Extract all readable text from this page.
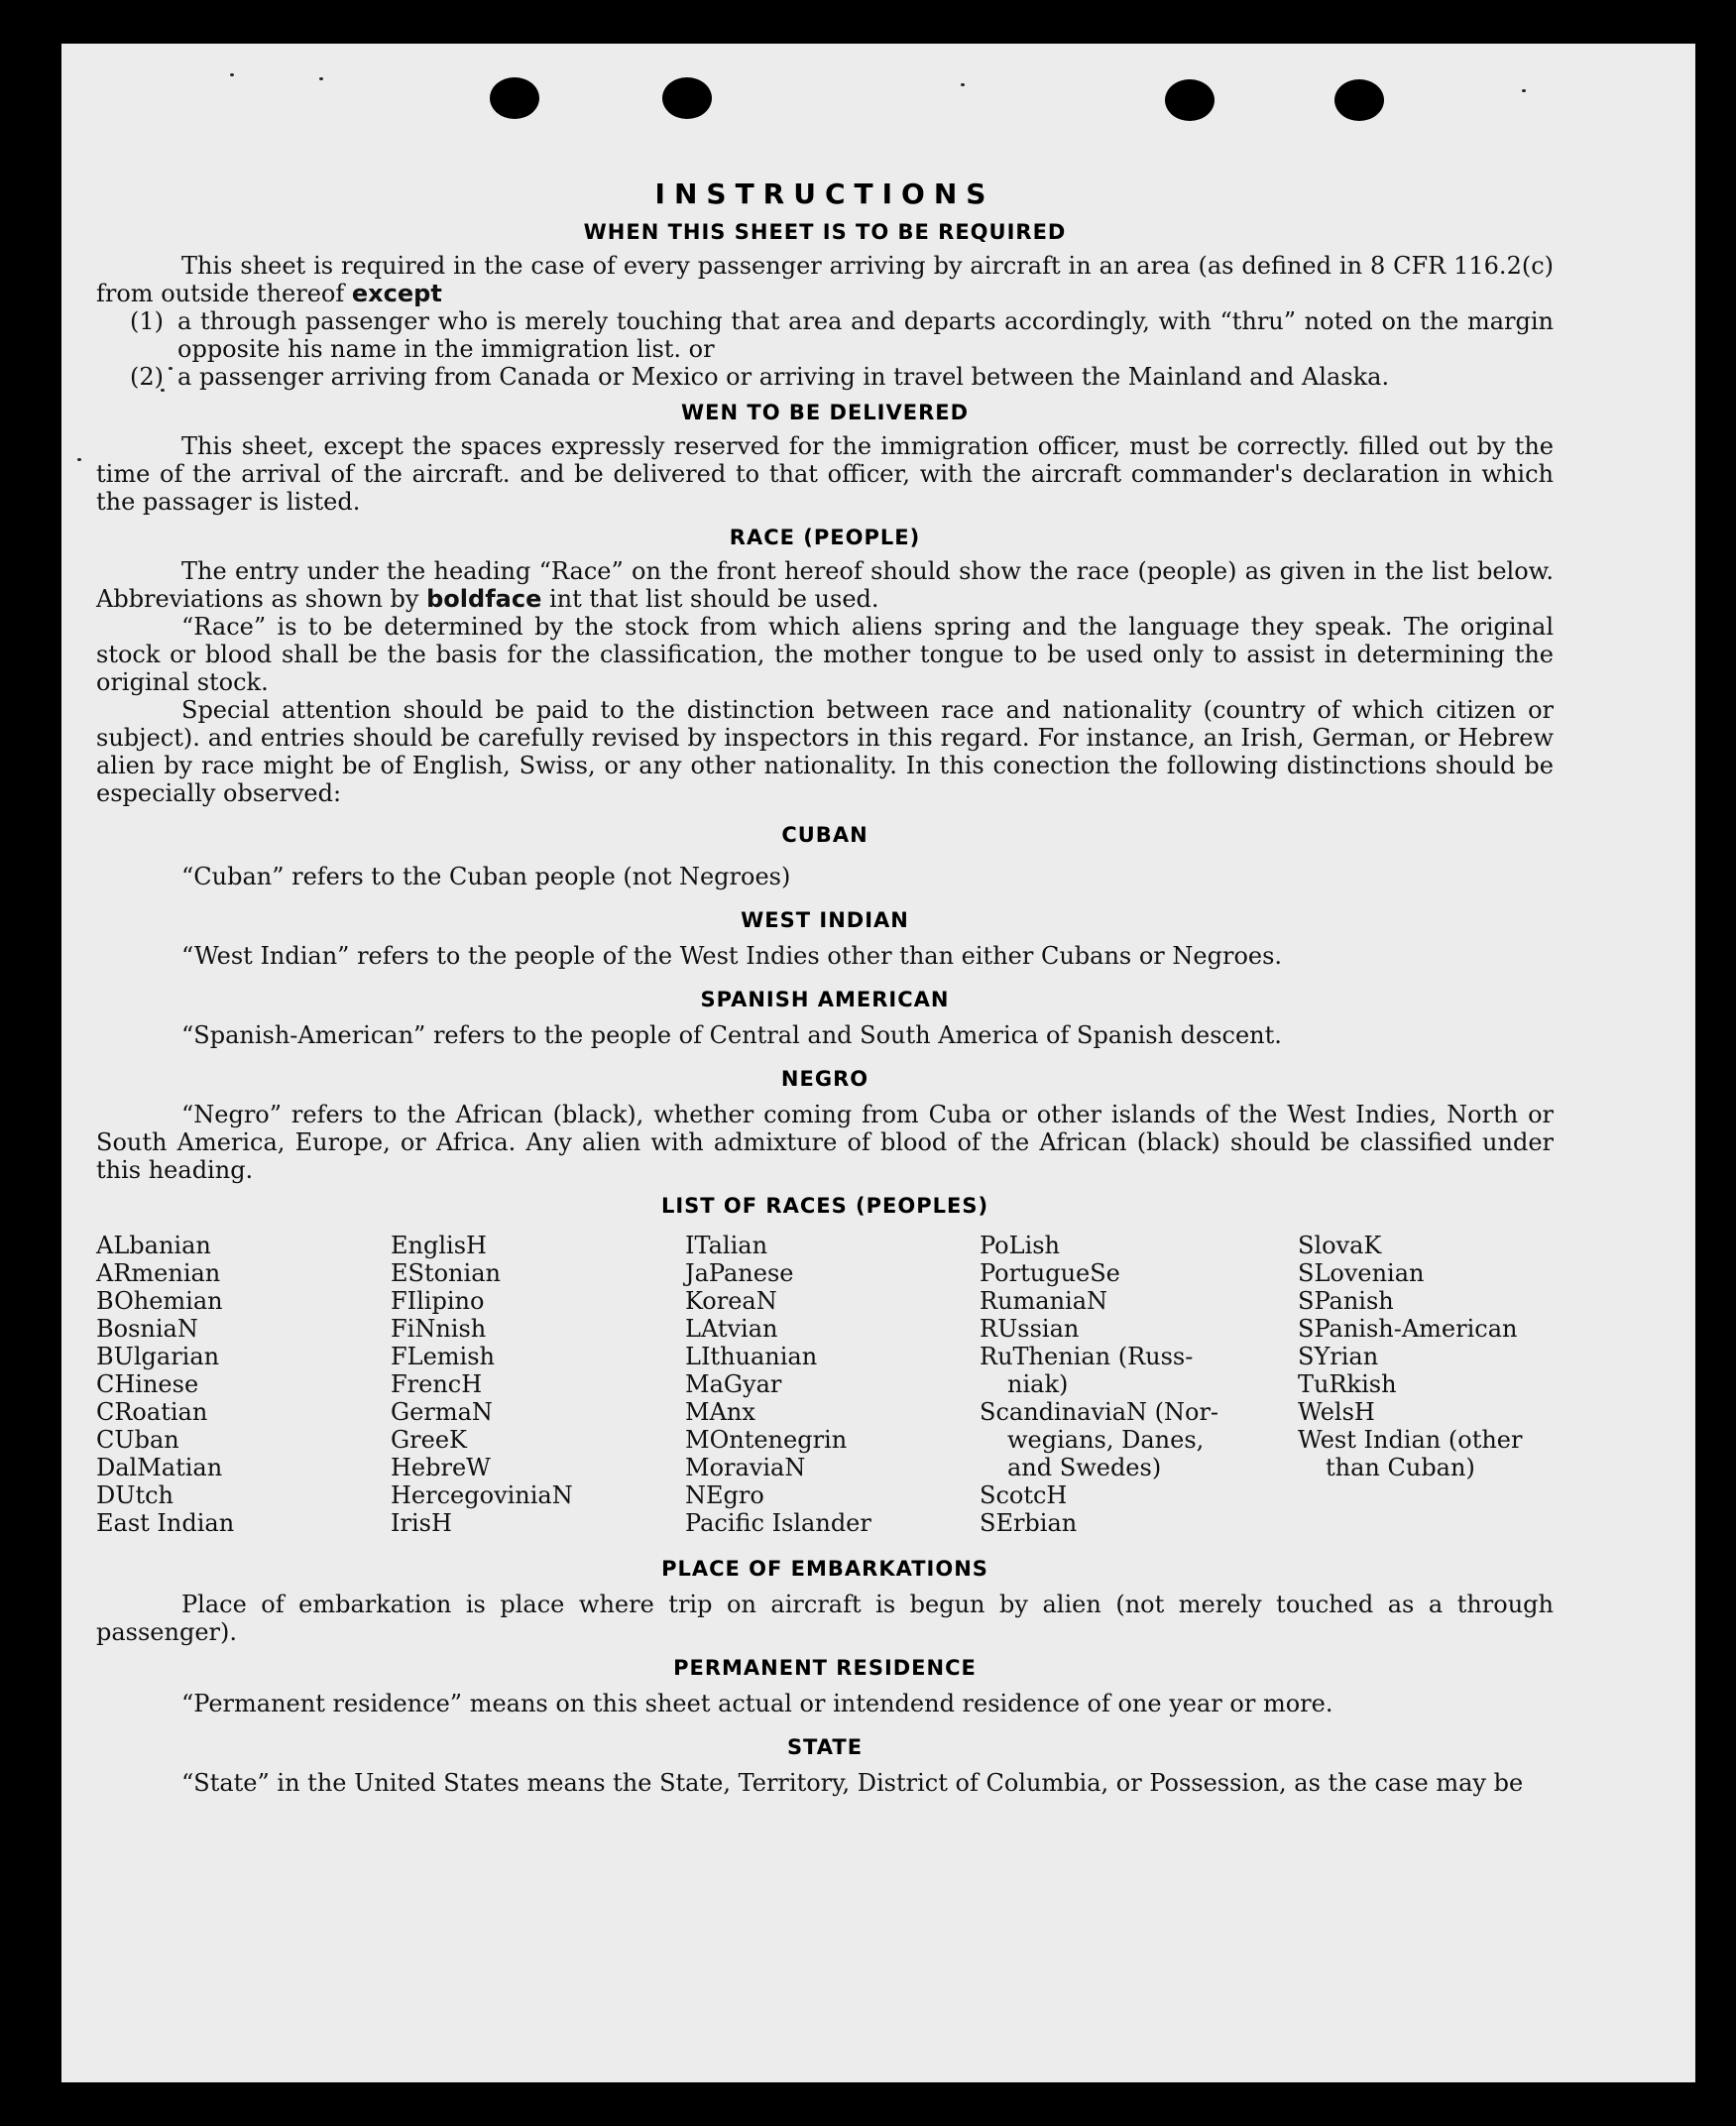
INSTRUCTIONS
WHEN THIS SHEET IS TO BE REQUIRED

This sheet is required in the case of every passenger arriving by aircraft in an area (as defined in 8 CFR 116.2(c) from outside thereof except

(1) a through passenger who is merely touching that area and departs accordingly, with “thru” noted on the margin opposite his name in the immigration list. or
(2) a passenger arriving from Canada or Mexico or arriving in travel between the Mainland and Alaska.
WEN TO BE DELIVERED

This sheet, except the spaces expressly reserved for the immigration officer, must be correctly. filled out by the time of the arrival of the aircraft. and be delivered to that officer, with the aircraft commander's declaration in which the passager is listed.

RACE (PEOPLE)

The entry under the heading “Race” on the front hereof should show the race (people) as given in the list below. Abbreviations as shown by boldface int that list should be used.

“Race” is to be determined by the stock from which aliens spring and the language they speak. The original stock or blood shall be the basis for the classification, the mother tongue to be used only to assist in determining the original stock.

Special attention should be paid to the distinction between race and nationality (country of which citizen or subject). and entries should be carefully revised by inspectors in this regard. For instance, an Irish, German, or Hebrew alien by race might be of English, Swiss, or any other nationality. In this conection the following distinctions should be especially observed:

CUBAN

“Cuban” refers to the Cuban people (not Negroes)

WEST INDIAN

“West Indian” refers to the people of the West Indies other than either Cubans or Negroes.

SPANISH AMERICAN

“Spanish-American” refers to the people of Central and South America of Spanish descent.

NEGRO

“Negro” refers to the African (black), whether coming from Cuba or other islands of the West Indies, North or South America, Europe, or Africa. Any alien with admixture of blood of the African (black) should be classified under this heading.

LIST OF RACES (PEOPLES)
ALbanian
ARmenian
BOhemian
BosniaN
BUlgarian
CHinese
CRoatian
CUban
DalMatian
DUtch
East Indian
EnglisH
EStonian
FIlipino
FiNnish
FLemish
FrencH
GermaN
GreeK
HebreW
HercegoviniaN
IrisH
ITalian
JaPanese
KoreaN
LAtvian
LIthuanian
MaGyar
MAnx
MOntenegrin
MoraviaN
NEgro
Pacific Islander
PoLish
PortugueSe
RumaniaN
RUssian
RuThenian (Russ-
niak)
ScandinaviaN (Nor-
wegians, Danes,
and Swedes)
ScotcH
SErbian
SlovaK
SLovenian
SPanish
SPanish-American
SYrian
TuRkish
WelsH
West Indian (other
than Cuban)
PLACE OF EMBARKATIONS

Place of embarkation is place where trip on aircraft is begun by alien (not merely touched as a through passenger).

PERMANENT RESIDENCE

“Permanent residence” means on this sheet actual or intendend residence of one year or more.

STATE

“State” in the United States means the State, Territory, District of Columbia, or Possession, as the case may be
